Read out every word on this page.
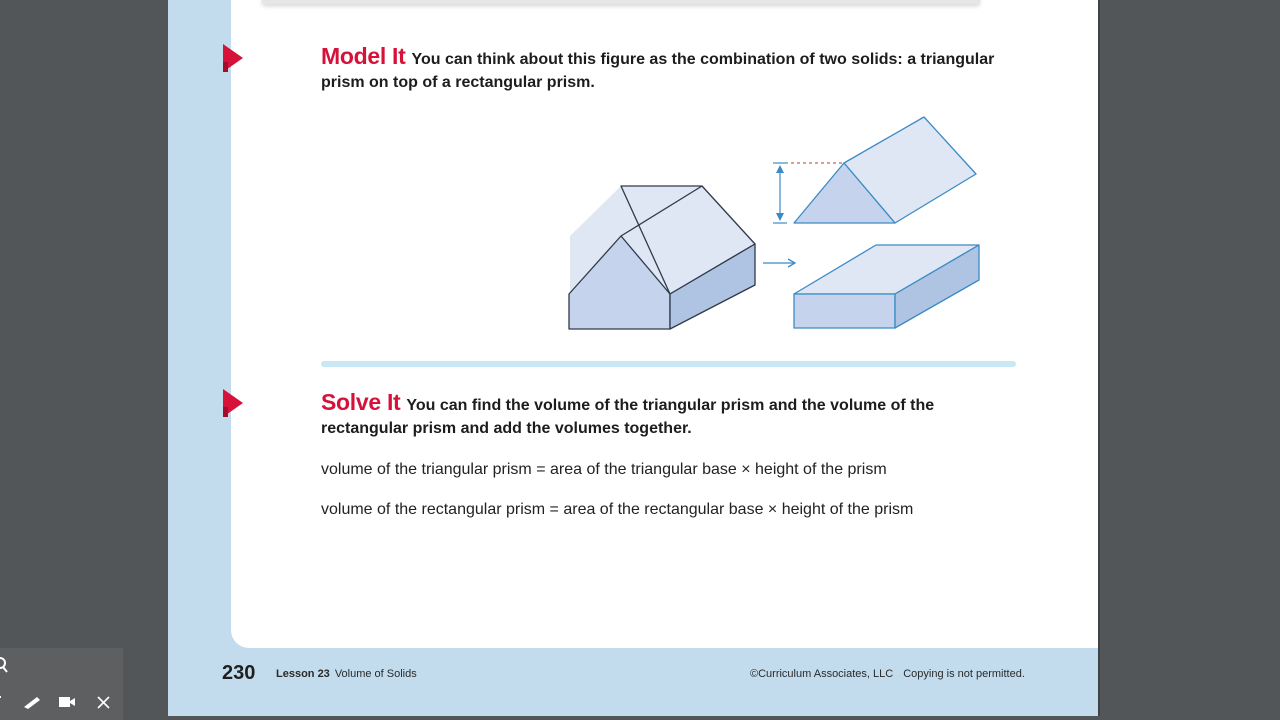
Model It You can think about this figure as the combination of two solids: a triangular prism on top of a rectangular prism.
Solve It You can find the volume of the triangular prism and the volume of the rectangular prism and add the volumes together.
volume of the triangular prism = area of the triangular base × height of the prism
volume of the rectangular prism = area of the rectangular base × height of the prism
230 Lesson 23 Volume of Solids	©Curriculum Associates, LLC Copying is not permitted.
